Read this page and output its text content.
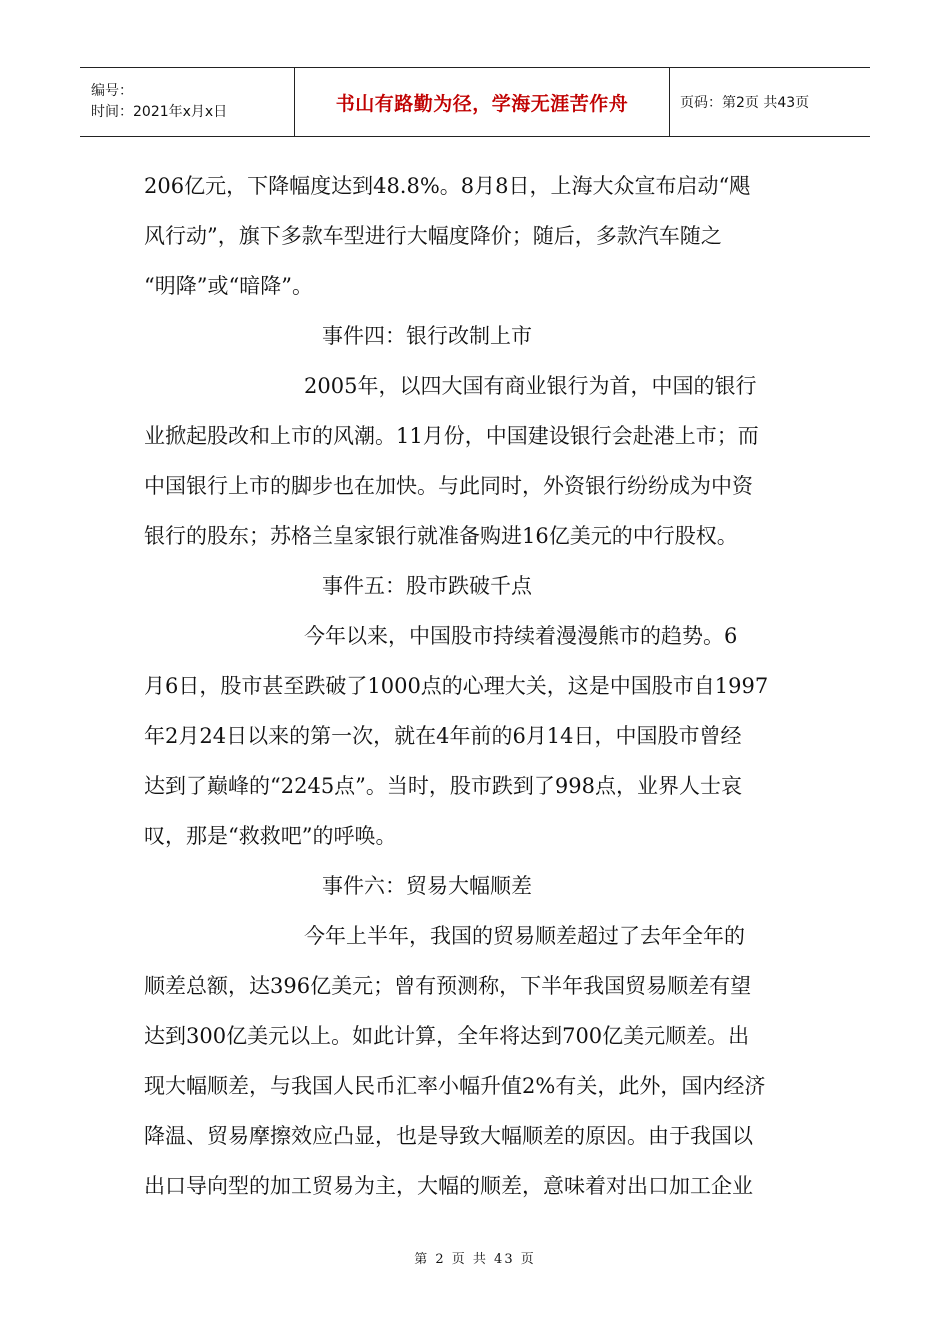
编号：
时间：2021年x月x日	书山有路勤为径，学海无涯苦作舟	页码：第2页 共43页
206亿元，下降幅度达到48.8%。8月8日，上海大众宣布启动“飓
风行动”，旗下多款车型进行大幅度降价；随后，多款汽车随之
“明降”或“暗降”。
事件四：银行改制上市
2005年，以四大国有商业银行为首，中国的银行
业掀起股改和上市的风潮。11月份，中国建设银行会赴港上市；而
中国银行上市的脚步也在加快。与此同时，外资银行纷纷成为中资
银行的股东；苏格兰皇家银行就准备购进16亿美元的中行股权。
事件五：股市跌破千点
今年以来，中国股市持续着漫漫熊市的趋势。6
月6日，股市甚至跌破了1000点的心理大关，这是中国股市自1997
年2月24日以来的第一次，就在4年前的6月14日，中国股市曾经
达到了巅峰的“2245点”。当时，股市跌到了998点，业界人士哀
叹，那是“救救吧”的呼唤。
事件六：贸易大幅顺差
今年上半年，我国的贸易顺差超过了去年全年的
顺差总额，达396亿美元；曾有预测称，下半年我国贸易顺差有望
达到300亿美元以上。如此计算，全年将达到700亿美元顺差。出
现大幅顺差，与我国人民币汇率小幅升值2%有关，此外，国内经济
降温、贸易摩擦效应凸显，也是导致大幅顺差的原因。由于我国以
出口导向型的加工贸易为主，大幅的顺差，意味着对出口加工企业
第 2 页 共 43 页
